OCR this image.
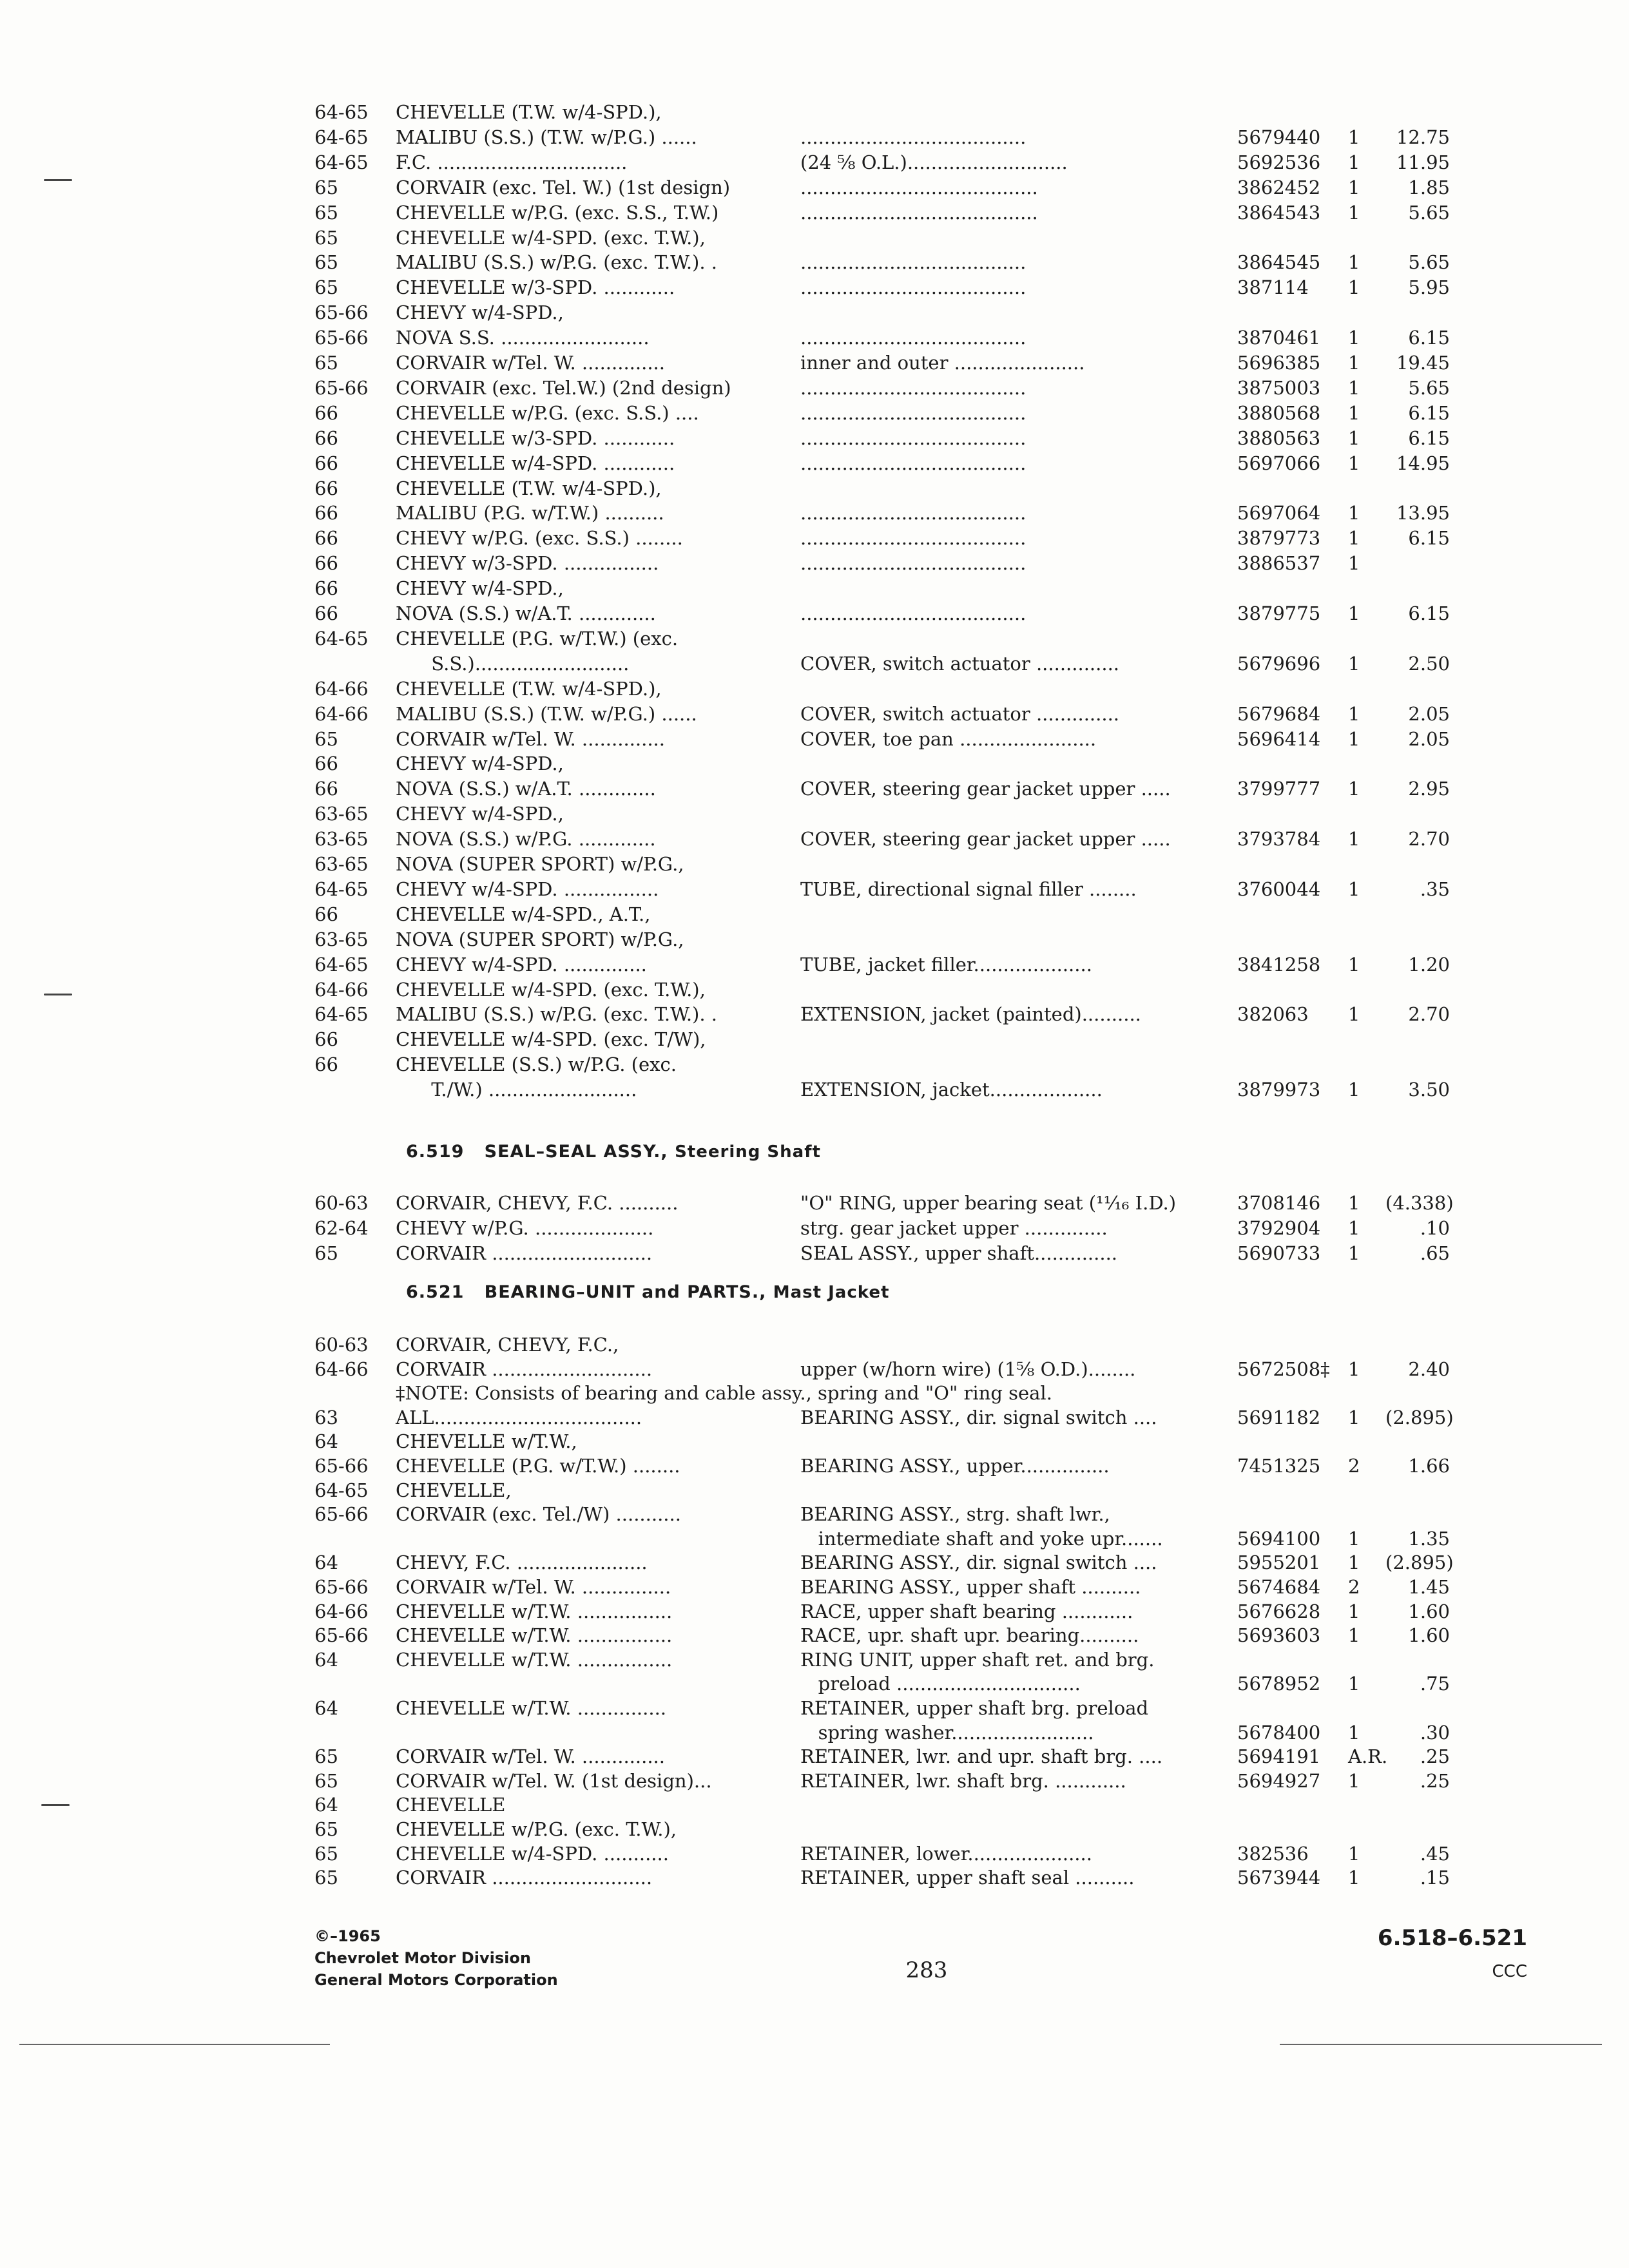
64-65	CHEVELLE (T.W. w/4-SPD.),
64-65	MALIBU (S.S.) (T.W. w/P.G.) ......	......................................	5679440	1	12.75
64-65	F.C. ................................	(24 ⅝ O.L.)...........................	5692536	1	11.95
65	CORVAIR (exc. Tel. W.) (1st design)	........................................	3862452	1	1.85
65	CHEVELLE w/P.G. (exc. S.S., T.W.)	........................................	3864543	1	5.65
65	CHEVELLE w/4-SPD. (exc. T.W.),
65	MALIBU (S.S.) w/P.G. (exc. T.W.). .	......................................	3864545	1	5.65
65	CHEVELLE w/3-SPD. ............	......................................	387114	1	5.95
65-66	CHEVY w/4-SPD.,
65-66	NOVA S.S. .........................	......................................	3870461	1	6.15
65	CORVAIR w/Tel. W. ..............	inner and outer ......................	5696385	1	19.45
65-66	CORVAIR (exc. Tel.W.) (2nd design)	......................................	3875003	1	5.65
66	CHEVELLE w/P.G. (exc. S.S.) ....	......................................	3880568	1	6.15
66	CHEVELLE w/3-SPD. ............	......................................	3880563	1	6.15
66	CHEVELLE w/4-SPD. ............	......................................	5697066	1	14.95
66	CHEVELLE (T.W. w/4-SPD.),
66	MALIBU (P.G. w/T.W.) ..........	......................................	5697064	1	13.95
66	CHEVY w/P.G. (exc. S.S.) ........	......................................	3879773	1	6.15
66	CHEVY w/3-SPD. ................	......................................	3886537	1
66	CHEVY w/4-SPD.,
66	NOVA (S.S.) w/A.T. .............	......................................	3879775	1	6.15
64-65	CHEVELLE (P.G. w/T.W.) (exc.
S.S.)..........................	COVER, switch actuator ..............	5679696	1	2.50
64-66	CHEVELLE (T.W. w/4-SPD.),
64-66	MALIBU (S.S.) (T.W. w/P.G.) ......	COVER, switch actuator ..............	5679684	1	2.05
65	CORVAIR w/Tel. W. ..............	COVER, toe pan .......................	5696414	1	2.05
66	CHEVY w/4-SPD.,
66	NOVA (S.S.) w/A.T. .............	COVER, steering gear jacket upper .....	3799777	1	2.95
63-65	CHEVY w/4-SPD.,
63-65	NOVA (S.S.) w/P.G. .............	COVER, steering gear jacket upper .....	3793784	1	2.70
63-65	NOVA (SUPER SPORT) w/P.G.,
64-65	CHEVY w/4-SPD. ................	TUBE, directional signal filler ........	3760044	1	.35
66	CHEVELLE w/4-SPD., A.T.,
63-65	NOVA (SUPER SPORT) w/P.G.,
64-65	CHEVY w/4-SPD. ..............	TUBE, jacket filler....................	3841258	1	1.20
64-66	CHEVELLE w/4-SPD. (exc. T.W.),
64-65	MALIBU (S.S.) w/P.G. (exc. T.W.). .	EXTENSION, jacket (painted)..........	382063	1	2.70
66	CHEVELLE w/4-SPD. (exc. T/W),
66	CHEVELLE (S.S.) w/P.G. (exc.
T./W.) .........................	EXTENSION, jacket...................	3879973	1	3.50
60-63	CORVAIR, CHEVY, F.C. ..........	"O" RING, upper bearing seat (¹¹⁄₁₆ I.D.)	3708146	1	(4.338)
62-64	CHEVY w/P.G. ....................	strg. gear jacket upper ..............	3792904	1	.10
65	CORVAIR ...........................	SEAL ASSY., upper shaft..............	5690733	1	.65
60-63	CORVAIR, CHEVY, F.C.,
64-66	CORVAIR ...........................	upper (w/horn wire) (1⅝ O.D.)........	5672508‡ 1	2.40
‡NOTE: Consists of bearing and cable assy., spring and "O" ring seal.
63	ALL...................................	BEARING ASSY., dir. signal switch ....	5691182	1	(2.895)
64	CHEVELLE w/T.W.,
65-66	CHEVELLE (P.G. w/T.W.) ........	BEARING ASSY., upper...............	7451325	2	1.66
64-65	CHEVELLE,
65-66	CORVAIR (exc. Tel./W) ...........	BEARING ASSY., strg. shaft lwr.,
intermediate shaft and yoke upr.......	5694100	1	1.35
64	CHEVY, F.C. ......................	BEARING ASSY., dir. signal switch ....	5955201	1	(2.895)
65-66	CORVAIR w/Tel. W. ...............	BEARING ASSY., upper shaft ..........	5674684	2	1.45
64-66	CHEVELLE w/T.W. ................	RACE, upper shaft bearing ............	5676628	1	1.60
65-66	CHEVELLE w/T.W. ................	RACE, upr. shaft upr. bearing..........	5693603	1	1.60
64	CHEVELLE w/T.W. ................	RING UNIT, upper shaft ret. and brg.
preload ...............................	5678952	1	.75
64	CHEVELLE w/T.W. ...............	RETAINER, upper shaft brg. preload
spring washer........................	5678400	1	.30
65	CORVAIR w/Tel. W. ..............	RETAINER, lwr. and upr. shaft brg. ....	5694191	A.R.	.25
65	CORVAIR w/Tel. W. (1st design)...	RETAINER, lwr. shaft brg. ............	5694927	1	.25
64	CHEVELLE
65	CHEVELLE w/P.G. (exc. T.W.),
65	CHEVELLE w/4-SPD. ...........	RETAINER, lower.....................	382536	1	.45
65	CORVAIR ...........................	RETAINER, upper shaft seal ..........	5673944	1	.15
6.519 SEAL–SEAL ASSY., Steering Shaft
6.521 BEARING–UNIT and PARTS., Mast Jacket
©–1965
Chevrolet Motor Division
General Motors Corporation	283
6.518–6.521
CCC
